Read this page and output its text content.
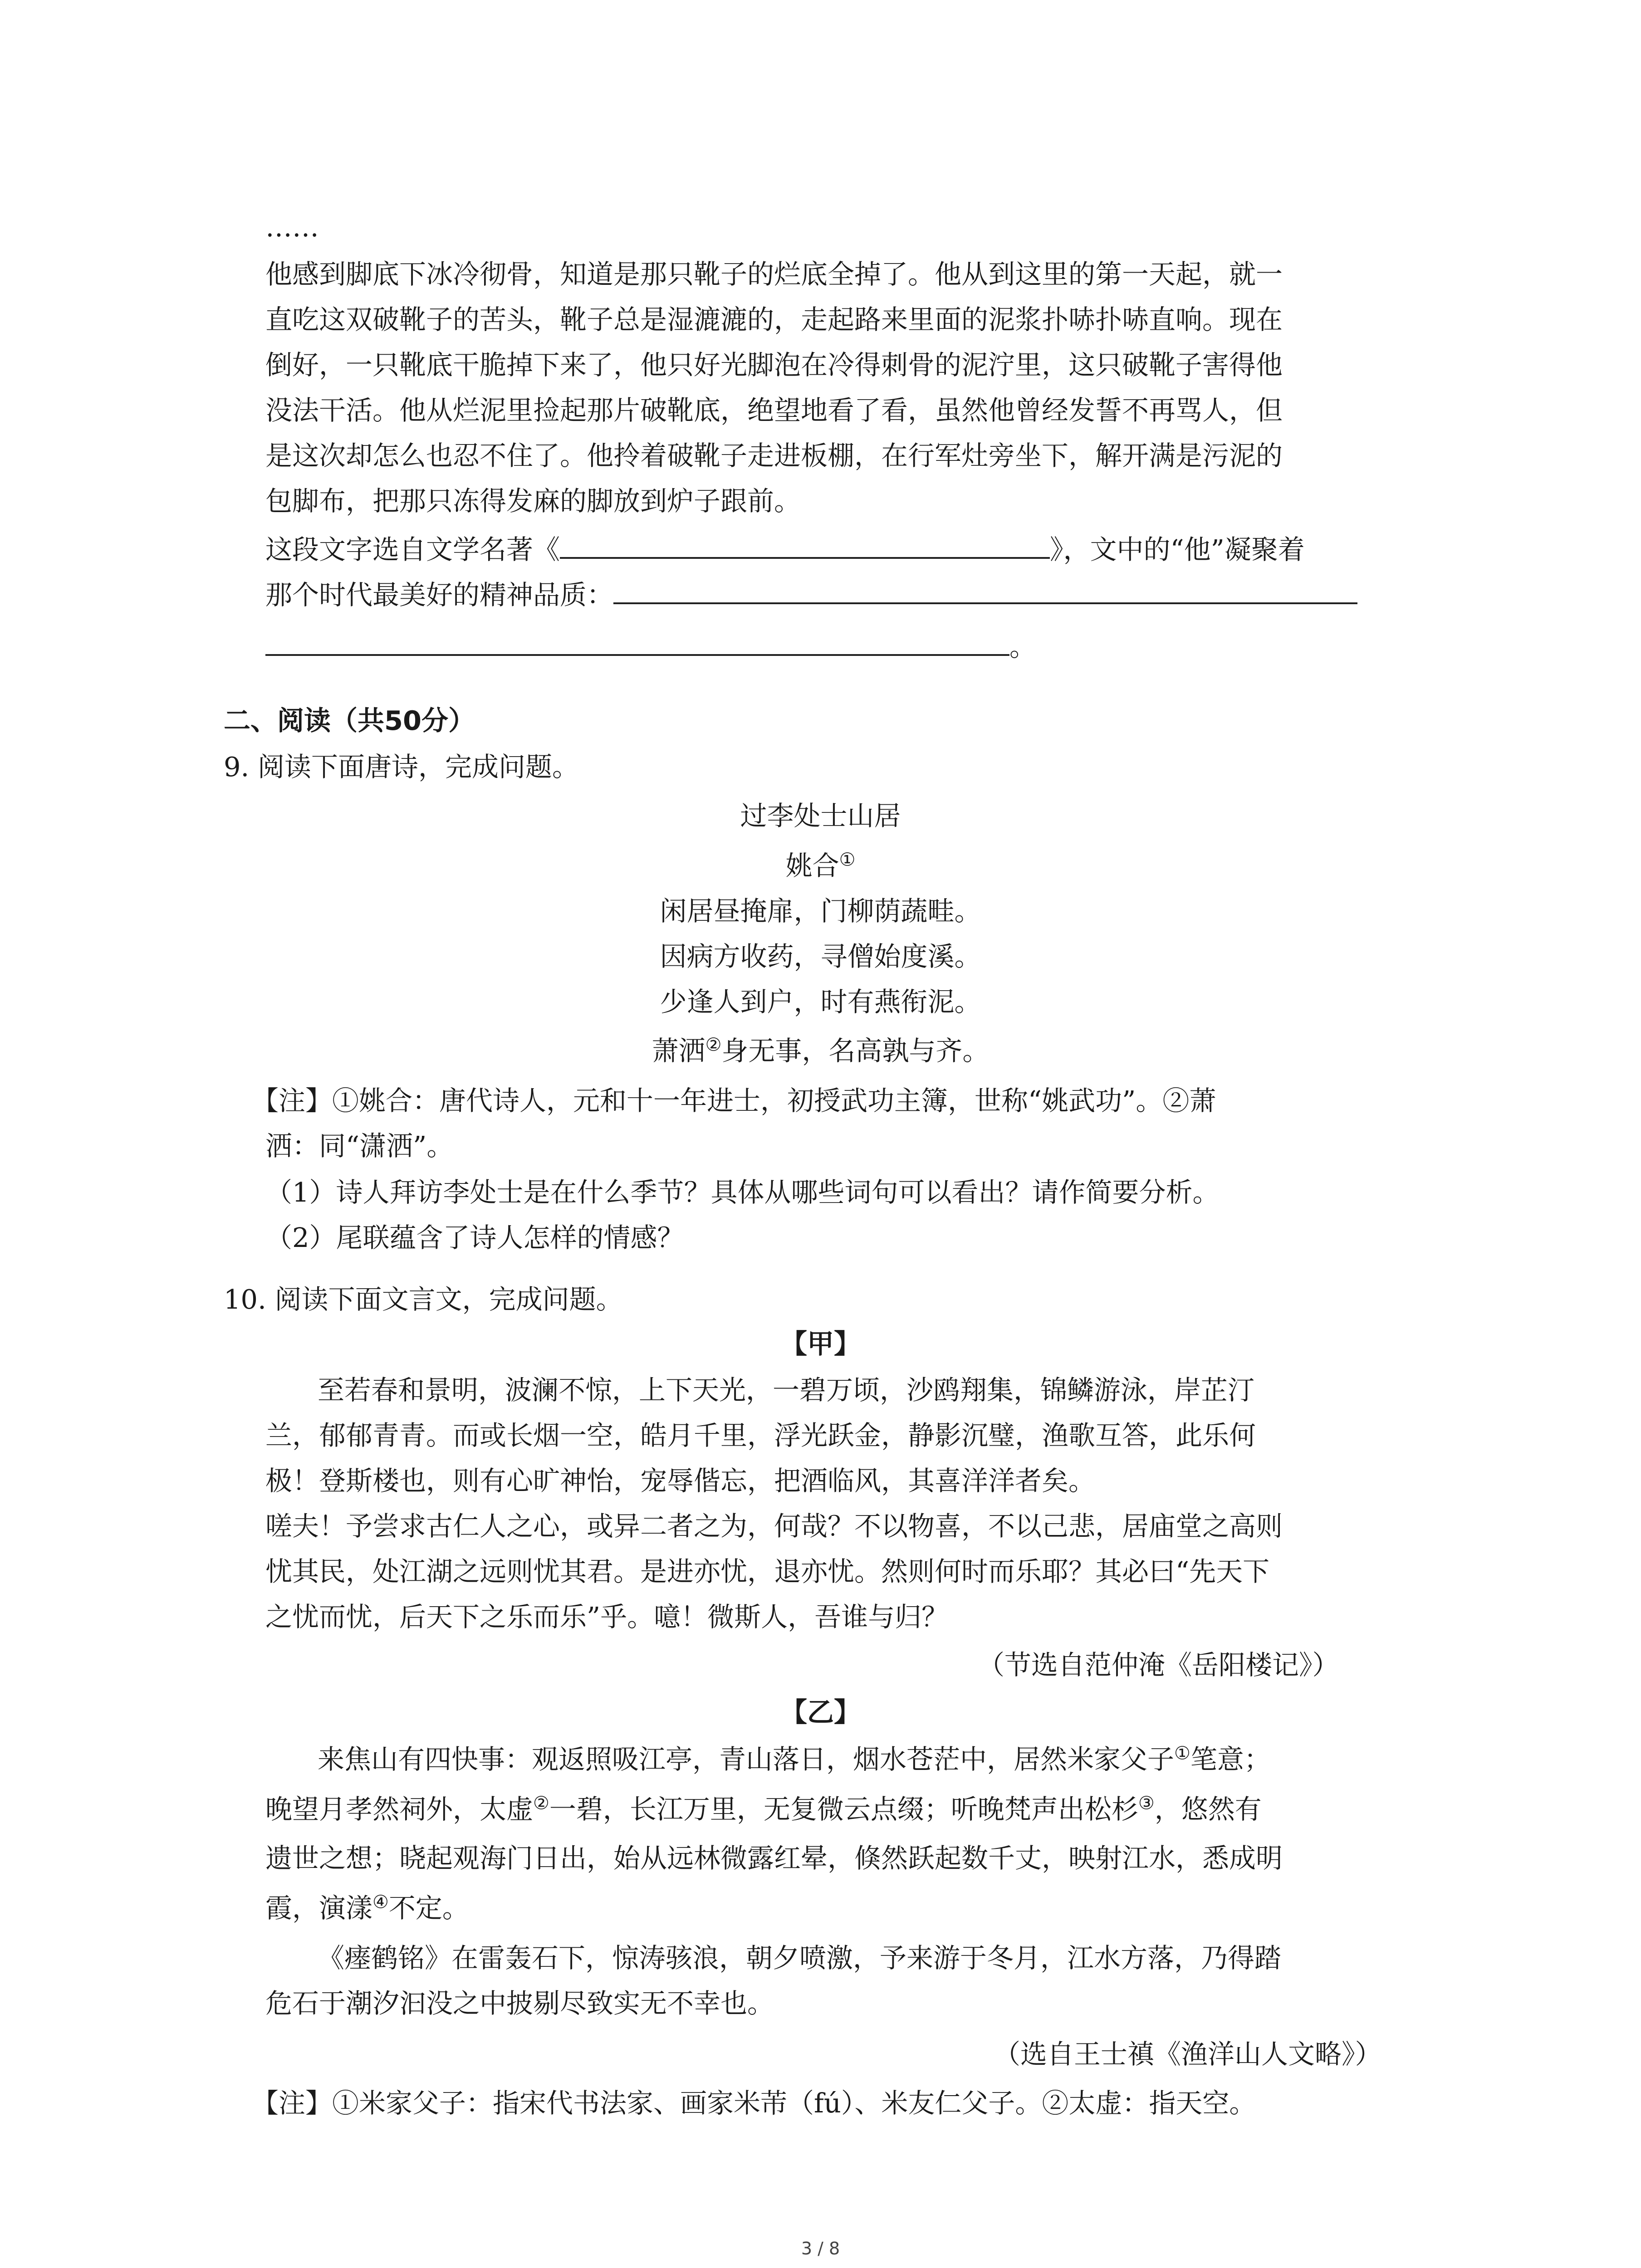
……
他感到脚底下冰冷彻骨，知道是那只靴子的烂底全掉了。他从到这里的第一天起，就一
直吃这双破靴子的苦头，靴子总是湿漉漉的，走起路来里面的泥浆扑哧扑哧直响。现在
倒好，一只靴底干脆掉下来了，他只好光脚泡在冷得刺骨的泥泞里，这只破靴子害得他
没法干活。他从烂泥里捡起那片破靴底，绝望地看了看，虽然他曾经发誓不再骂人，但
是这次却怎么也忍不住了。他拎着破靴子走进板棚，在行军灶旁坐下，解开满是污泥的
包脚布，把那只冻得发麻的脚放到炉子跟前。
这段文字选自文学名著《	》，文中的“他”凝聚着
那个时代最美好的精神品质：
。
二、阅读（共50分）
9. 阅读下面唐诗，完成问题。
过李处士山居
姚合①
闲居昼掩扉，门柳荫蔬畦。
因病方收药，寻僧始度溪。
少逢人到户，时有燕衔泥。
萧洒②身无事，名高孰与齐。
【注】①姚合：唐代诗人，元和十一年进士，初授武功主簿，世称“姚武功”。②萧
洒：同“潇洒”。
（1）诗人拜访李处士是在什么季节？具体从哪些词句可以看出？请作简要分析。
（2）尾联蕴含了诗人怎样的情感？
10. 阅读下面文言文，完成问题。
【甲】
至若春和景明，波澜不惊，上下天光，一碧万顷，沙鸥翔集，锦鳞游泳，岸芷汀
兰，郁郁青青。而或长烟一空，皓月千里，浮光跃金，静影沉璧，渔歌互答，此乐何
极！登斯楼也，则有心旷神怡，宠辱偕忘，把酒临风，其喜洋洋者矣。
嗟夫！予尝求古仁人之心，或异二者之为，何哉？不以物喜，不以己悲，居庙堂之高则
忧其民，处江湖之远则忧其君。是进亦忧，退亦忧。然则何时而乐耶？其必曰“先天下
之忧而忧，后天下之乐而乐”乎。噫！微斯人，吾谁与归？
（节选自范仲淹《岳阳楼记》）
【乙】
来焦山有四快事：观返照吸江亭，青山落日，烟水苍茫中，居然米家父子①笔意；
晚望月孝然祠外，太虚②一碧，长江万里，无复微云点缀；听晚梵声出松杉③，悠然有
遗世之想；晓起观海门日出，始从远林微露红晕，倏然跃起数千丈，映射江水，悉成明
霞，演漾④不定。
《瘗鹤铭》在雷轰石下，惊涛骇浪，朝夕喷激，予来游于冬月，江水方落，乃得踏
危石于潮汐汩没之中披剔尽致实无不幸也。
（选自王士禛《渔洋山人文略》）
【注】①米家父子：指宋代书法家、画家米芾（fú）、米友仁父子。②太虚：指天空。
3 / 8
